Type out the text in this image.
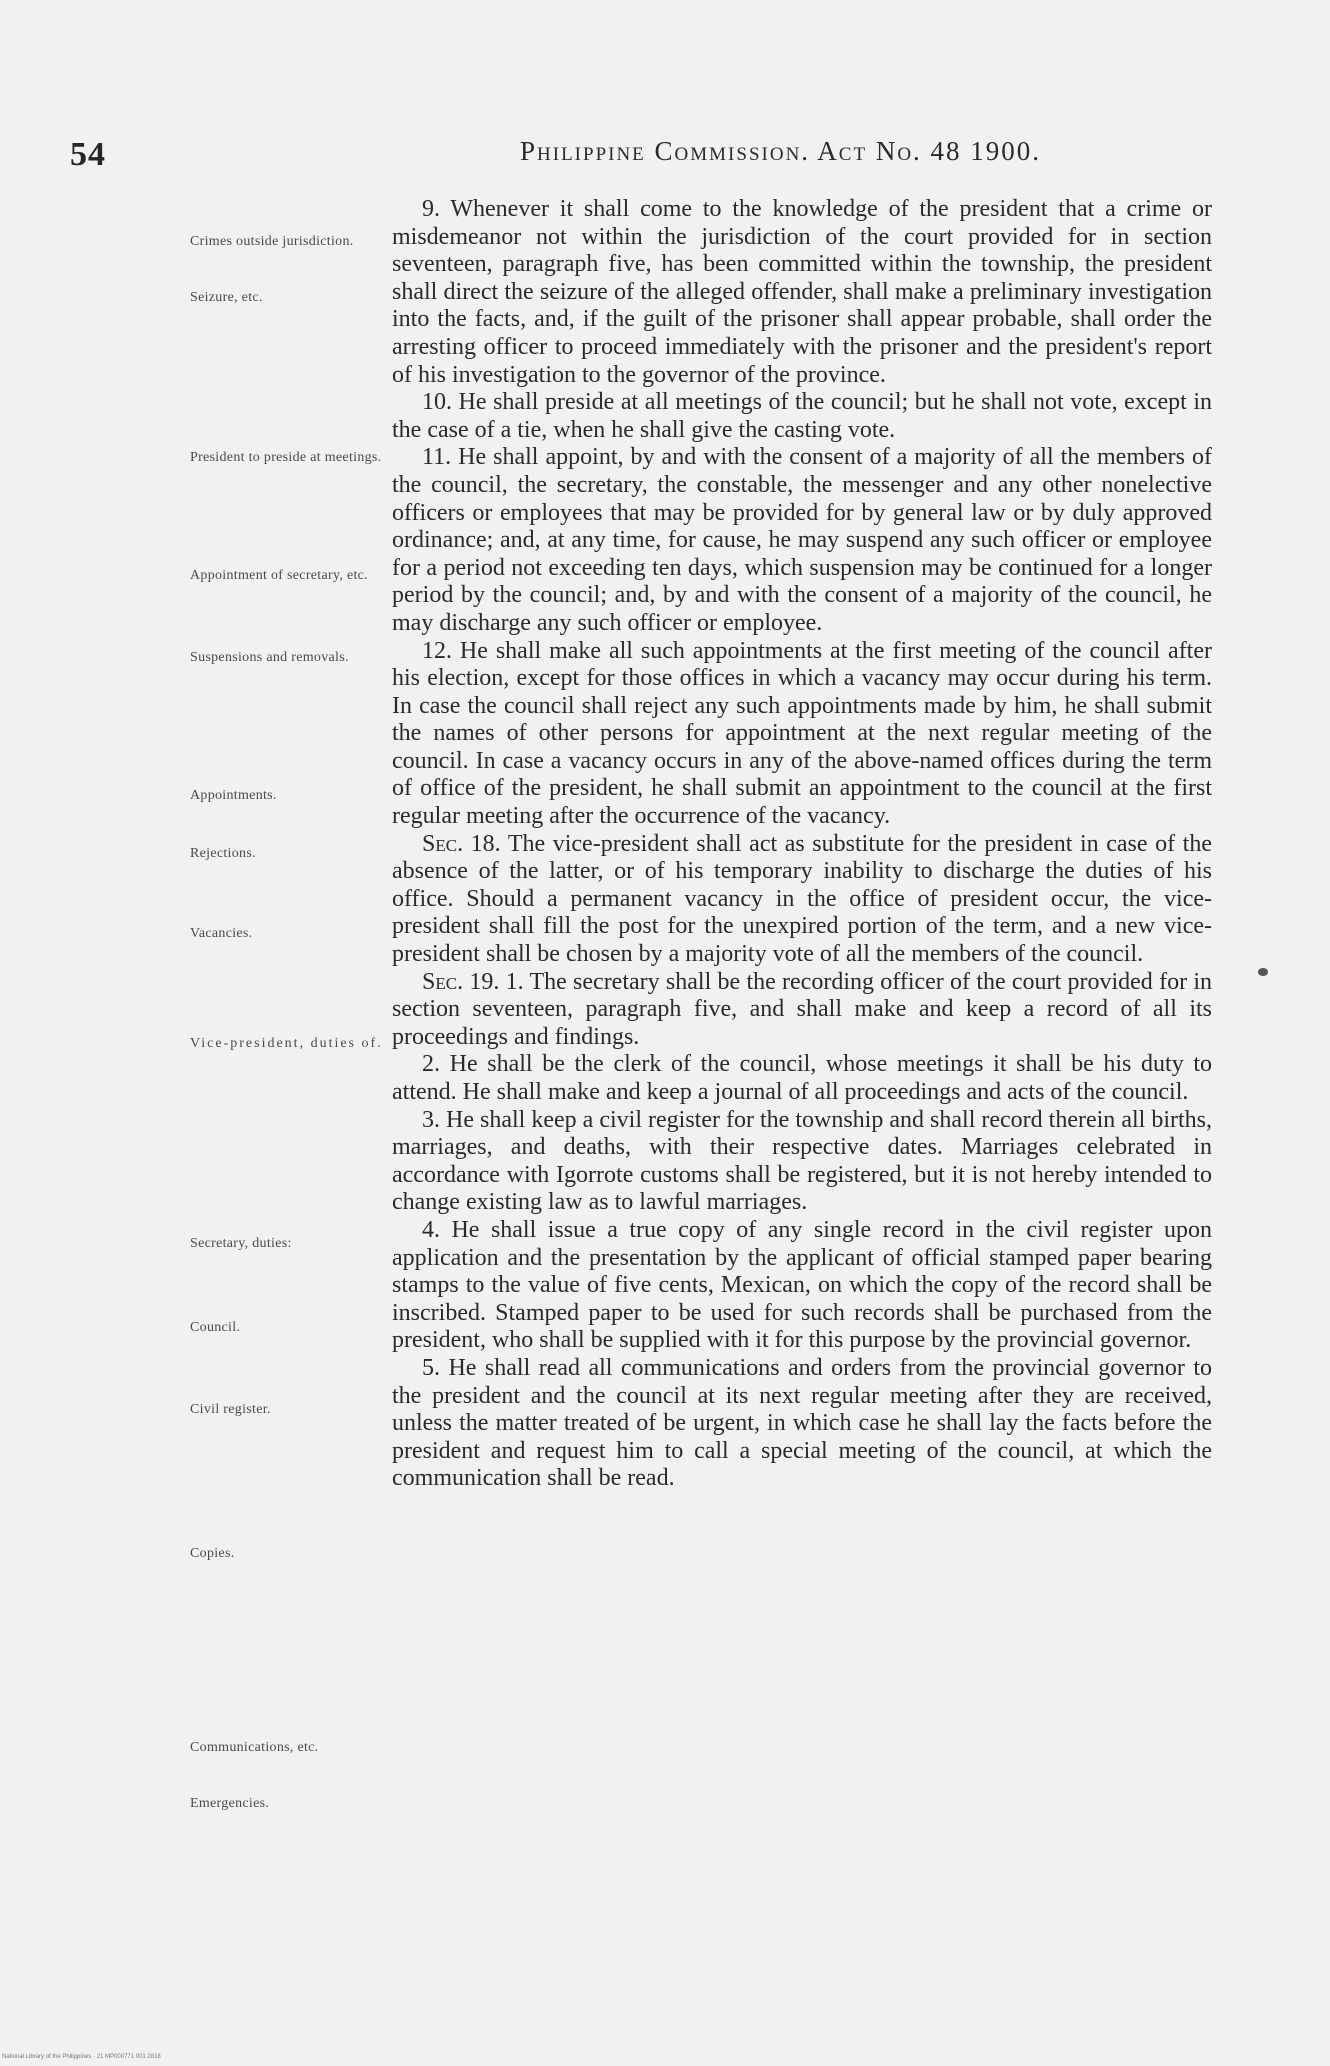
54	Philippine Commission. Act No. 48 1900.
Crimes outside jurisdiction.
Seizure, etc.
President to preside at meetings.
Appointment of secretary, etc.
Suspensions and removals.
Appointments.
Rejections.
Vacancies.
Vice-president, duties of.
Secretary, duties:
Council.
Civil register.
Copies.
Communications, etc.
Emergencies.

9. Whenever it shall come to the knowledge of the president that a crime or misdemeanor not within the jurisdiction of the court provided for in section seventeen, paragraph five, has been committed within the township, the president shall direct the seizure of the alleged offender, shall make a preliminary investigation into the facts, and, if the guilt of the prisoner shall appear probable, shall order the arresting officer to proceed immediately with the prisoner and the president's report of his investigation to the governor of the province.

10. He shall preside at all meetings of the council; but he shall not vote, except in the case of a tie, when he shall give the casting vote.

11. He shall appoint, by and with the consent of a majority of all the members of the council, the secretary, the constable, the messenger and any other nonelective officers or employees that may be provided for by general law or by duly approved ordinance; and, at any time, for cause, he may suspend any such officer or employee for a period not exceeding ten days, which suspension may be continued for a longer period by the council; and, by and with the consent of a majority of the council, he may discharge any such officer or employee.

12. He shall make all such appointments at the first meeting of the council after his election, except for those offices in which a vacancy may occur during his term. In case the council shall reject any such appointments made by him, he shall submit the names of other persons for appointment at the next regular meeting of the council. In case a vacancy occurs in any of the above-named offices during the term of office of the president, he shall submit an appointment to the council at the first regular meeting after the occurrence of the vacancy.

Sec. 18. The vice-president shall act as substitute for the president in case of the absence of the latter, or of his temporary inability to discharge the duties of his office. Should a permanent vacancy in the office of president occur, the vice-president shall fill the post for the unexpired portion of the term, and a new vice-president shall be chosen by a majority vote of all the members of the council.

Sec. 19. 1. The secretary shall be the recording officer of the court provided for in section seventeen, paragraph five, and shall make and keep a record of all its proceedings and findings.

2. He shall be the clerk of the council, whose meetings it shall be his duty to attend. He shall make and keep a journal of all proceedings and acts of the council.

3. He shall keep a civil register for the township and shall record therein all births, marriages, and deaths, with their respective dates. Marriages celebrated in accordance with Igorrote customs shall be registered, but it is not hereby intended to change existing law as to lawful marriages.

4. He shall issue a true copy of any single record in the civil register upon application and the presentation by the applicant of official stamped paper bearing stamps to the value of five cents, Mexican, on which the copy of the record shall be inscribed. Stamped paper to be used for such records shall be purchased from the president, who shall be supplied with it for this purpose by the provincial governor.

5. He shall read all communications and orders from the provincial governor to the president and the council at its next regular meeting after they are received, unless the matter treated of be urgent, in which case he shall lay the facts before the president and request him to call a special meeting of the council, at which the communication shall be read.

National Library of the Philippines · 21 MP000771 001 2818
